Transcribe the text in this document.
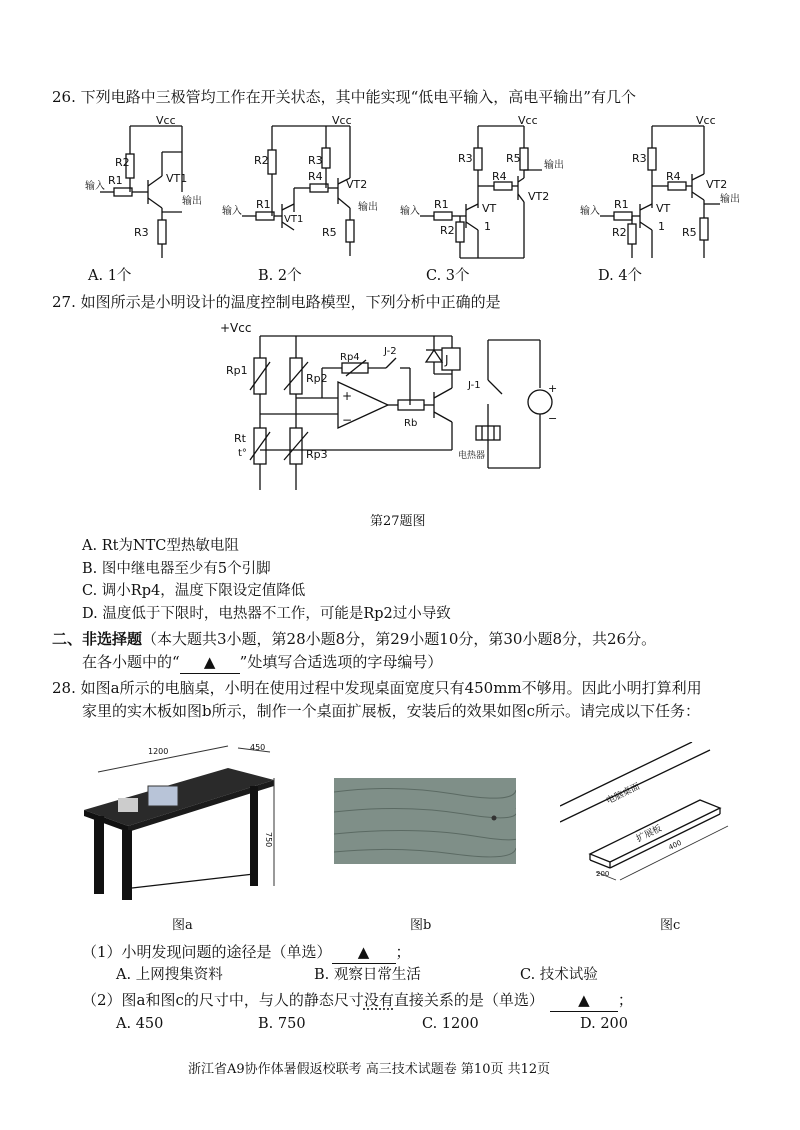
26. 下列电路中三极管均工作在开关状态，其中能实现“低电平输入，高电平输出”有几个
Vcc
R2
R1
输入
VT1
输出
R3
Vcc
R2	R3
R4
VT2
R1
输入
VT1
输出
R5
Vcc
R3	R5
输出
R4
VT2
VT
R1
输入
R2	1
Vcc
R3
R4
VT2
输出
R1
输入	VT
R2	1 R5
A. 1个	B. 2个	C. 3个	D. 4个
27. 如图所示是小明设计的温度控制电路模型，下列分析中正确的是
+
−
+Vcc
Rp1
Rp2
Rp4
J-2
J
J-1	+
−
Rt
t°	Rp3
Rb
电热器
第27题图
A. Rt为NTC型热敏电阻
B. 图中继电器至少有5个引脚
C. 调小Rp4，温度下限设定值降低
D. 温度低于下限时，电热器不工作，可能是Rp2过小导致
二、非选择题（本大题共3小题，第28小题8分，第29小题10分，第30小题8分，共26分。
在各小题中的“ ▲ ”处填写合适选项的字母编号）
28. 如图a所示的电脑桌，小明在使用过程中发现桌面宽度只有450mm不够用。因此小明打算利用
家里的实木板如图b所示，制作一个桌面扩展板，安装后的效果如图c所示。请完成以下任务：
1200	450
750
图a	图b
电脑桌面
扩展板
200
400
图c
（1）小明发现问题的途径是（单选） ▲ ；
A. 上网搜集资料	B. 观察日常生活	C. 技术试验
（2）图a和图c的尺寸中，与人的静态尺寸没有直接关系的是（单选） ▲ ；
A. 450	B. 750	C. 1200	D. 200
浙江省A9协作体暑假返校联考 高三技术试题卷 第10页 共12页
